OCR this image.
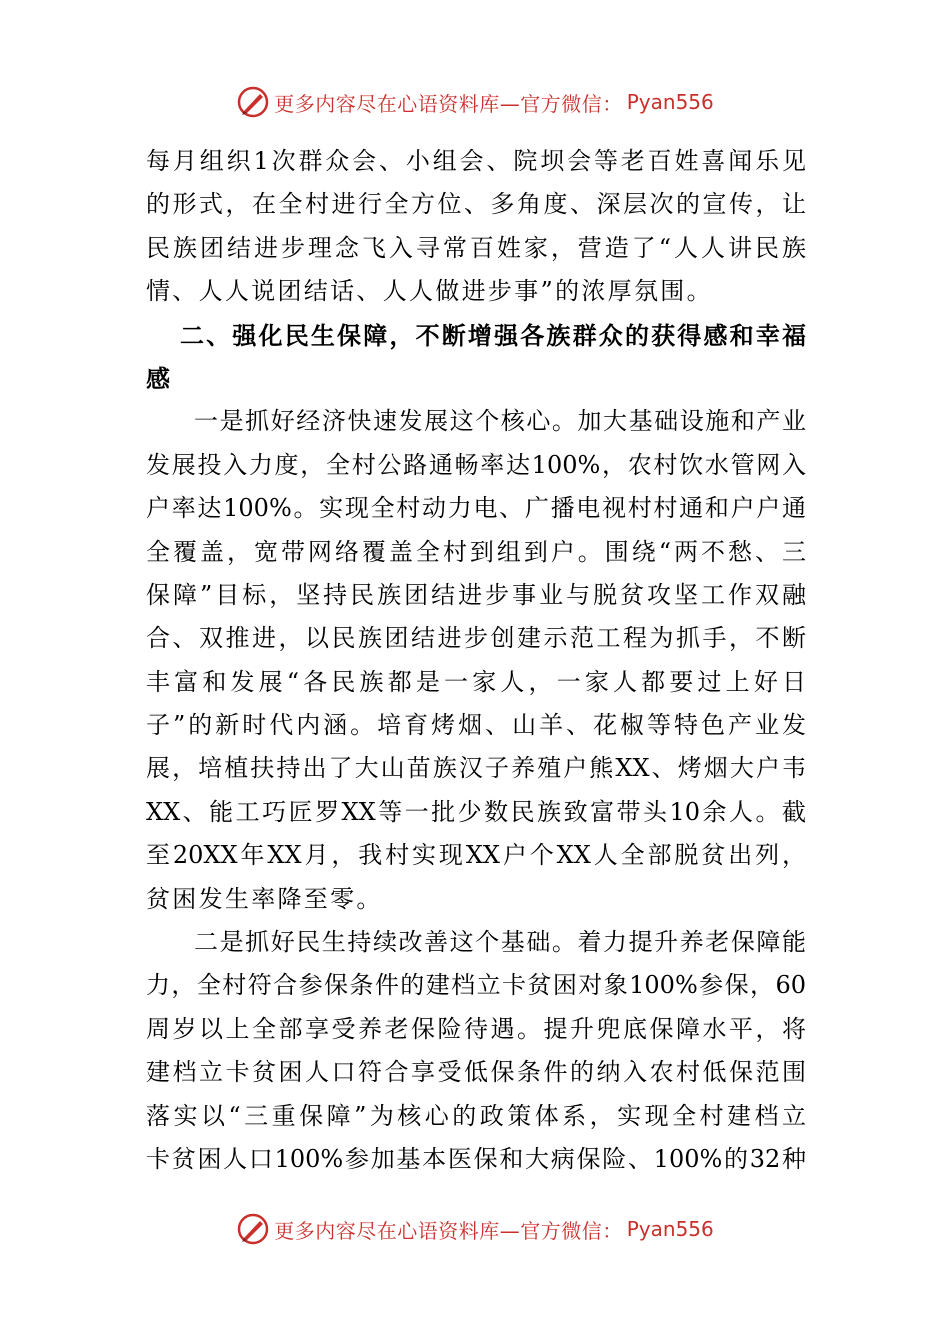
更多内容尽在心语资料库—官方微信： Pyan556
每月组织1次群众会、小组会、院坝会等老百姓喜闻乐见
的形式，在全村进行全方位、多角度、深层次的宣传，让
民族团结进步理念飞入寻常百姓家，营造了“人人讲民族
情、人人说团结话、人人做进步事”的浓厚氛围。
二、强化民生保障，不断增强各族群众的获得感和幸福
感
一是抓好经济快速发展这个核心。加大基础设施和产业
发展投入力度，全村公路通畅率达100%，农村饮水管网入
户率达100%。实现全村动力电、广播电视村村通和户户通
全覆盖，宽带网络覆盖全村到组到户。围绕“两不愁、三
保障”目标，坚持民族团结进步事业与脱贫攻坚工作双融
合、双推进，以民族团结进步创建示范工程为抓手，不断
丰富和发展“各民族都是一家人，一家人都要过上好日
子”的新时代内涵。培育烤烟、山羊、花椒等特色产业发
展，培植扶持出了大山苗族汉子养殖户熊XX、烤烟大户韦
XX、能工巧匠罗XX等一批少数民族致富带头10余人。截
至20XX年XX月，我村实现XX户个XX人全部脱贫出列，
贫困发生率降至零。
二是抓好民生持续改善这个基础。着力提升养老保障能
力，全村符合参保条件的建档立卡贫困对象100%参保，60
周岁以上全部享受养老保险待遇。提升兜底保障水平，将
建档立卡贫困人口符合享受低保条件的纳入农村低保范围
落实以“三重保障”为核心的政策体系，实现全村建档立
卡贫困人口100%参加基本医保和大病保险、100%的32种
更多内容尽在心语资料库—官方微信： Pyan556
